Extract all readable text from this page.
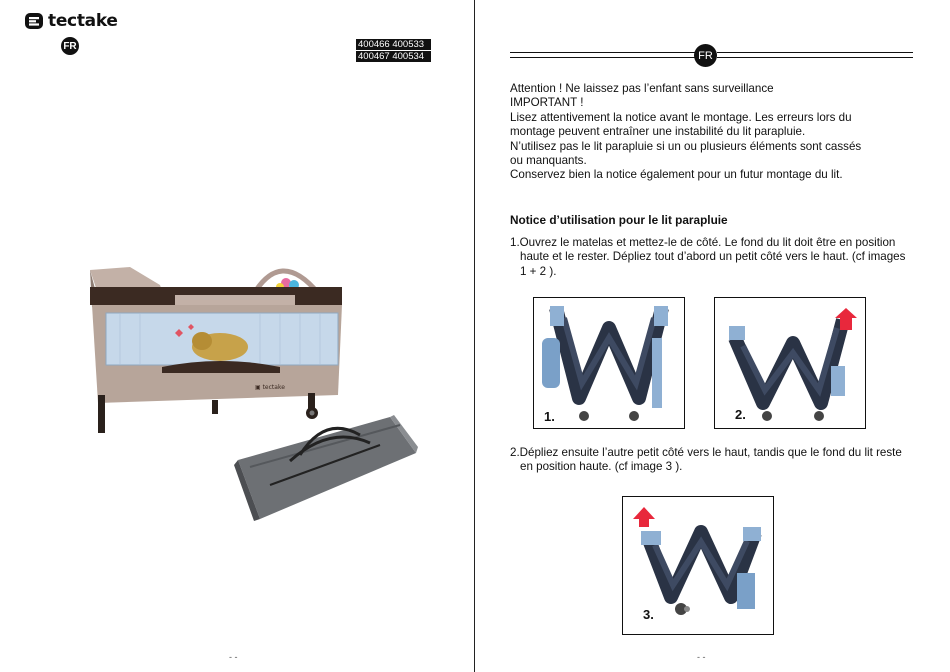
tectake
FR	400466 400533
400467 400534
▣ tectake
- -
FR
Attention ! Ne laissez pas l’enfant sans surveillance
IMPORTANT !
Lisez attentivement la notice avant le montage. Les erreurs lors du
montage peuvent entraîner une instabilité du lit parapluie.
N’utilisez pas le lit parapluie si un ou plusieurs éléments sont cassés
ou manquants.
Conservez bien la notice également pour un futur montage du lit.
Notice d’utilisation pour le lit parapluie

1.Ouvrez le matelas et mettez-le de côté. Le fond du lit doit être en position haute et le rester. Dépliez tout d’abord un petit côté vers le haut. (cf images 1 + 2 ).

1.	2.

2.Dépliez ensuite l’autre petit côté vers le haut, tandis que le fond du lit reste en position haute. (cf image 3 ).

3.
- -
